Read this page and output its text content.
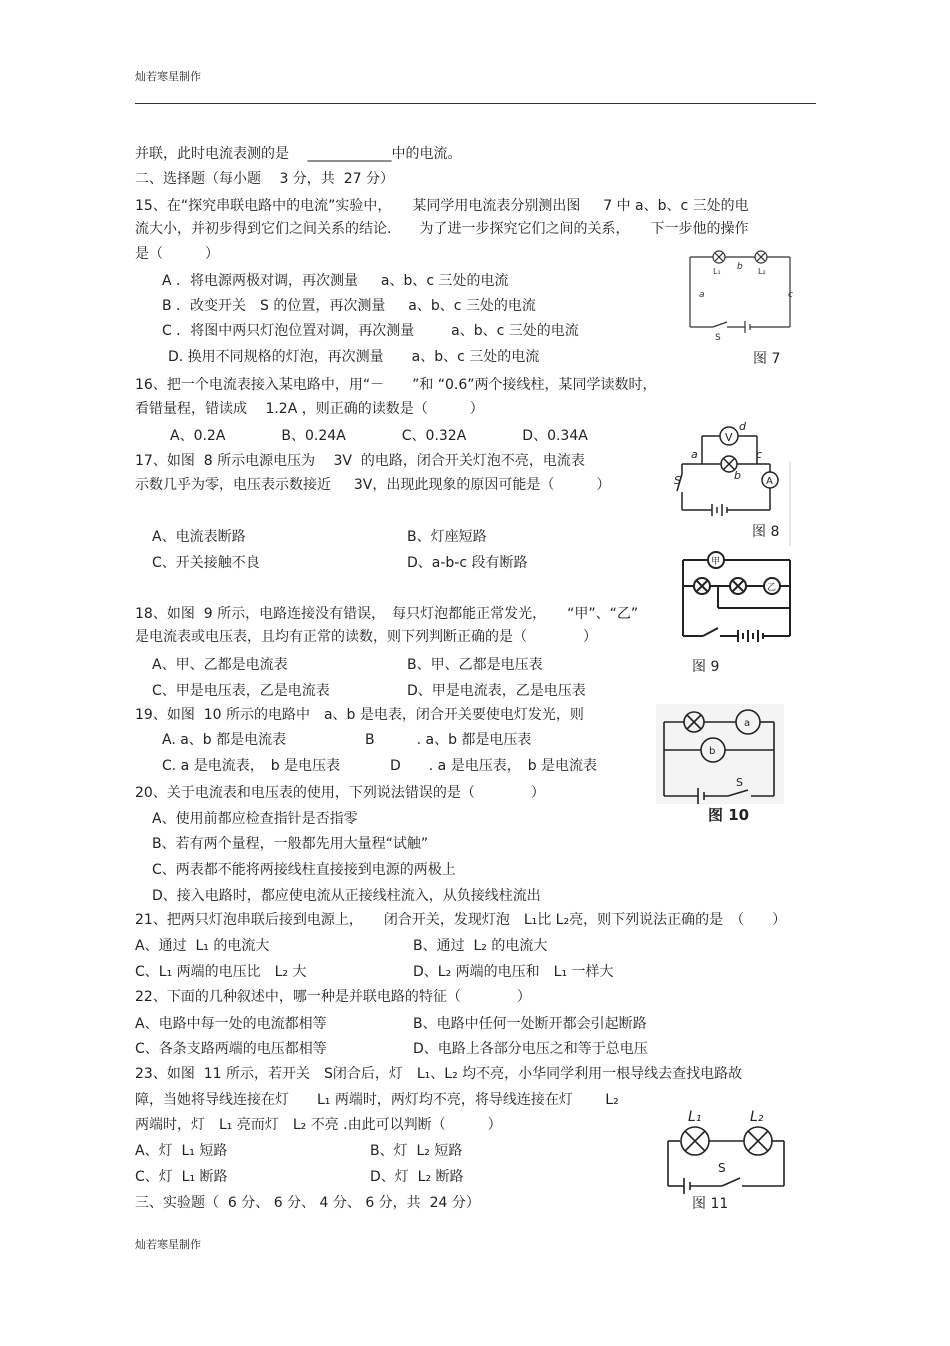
灿若寒星制作
并联，此时电流表测的是　 ____________中的电流。
二、选择题（每小题　 3 分，共  27 分）
15、在“探究串联电路中的电流”实验中，　　某同学用电流表分别测出图　  7 中 a、b、c 三处的电
流大小，并初步得到它们之间关系的结论.　　为了进一步探究它们之间的关系，　　下一步他的操作
是（　　　）
A ．将电源两极对调，再次测量　  a、b、c 三处的电流
B ．改变开关　S 的位置，再次测量　  a、b、c 三处的电流
C ．将图中两只灯泡位置对调，再次测量　　  a、b、c 三处的电流
D. 换用不同规格的灯泡，再次测量　　a、b、c 三处的电流
16、把一个电流表接入某电路中，用“－　　”和 “0.6”两个接线柱，某同学读数时，
看错量程，错读成　 1.2A ，则正确的读数是（　　　）
A、0.2A　　　　B、0.24A　　　　C、0.32A　　　　D、0.34A
17、如图  8 所示电源电压为　 3V  的电路，闭合开关灯泡不亮，电流表
示数几乎为零，电压表示数接近　  3V，出现此现象的原因可能是（　　　）
A、电流表断路	B、灯座短路
C、开关接触不良	D、a-b-c 段有断路
18、如图  9 所示，电路连接没有错误，　每只灯泡都能正常发光，　　“甲”、“乙”
是电流表或电压表，且均有正常的读数，则下列判断正确的是（　　　　）
A、甲、乙都是电流表	B、甲、乙都是电压表
C、甲是电压表，乙是电流表	D、甲是电流表，乙是电压表
19、如图  10 所示的电路中　a、b 是电表，闭合开关要使电灯发光，则
A. a、b 都是电流表	B　　　. a、b 都是电压表
C. a 是电流表，　b 是电压表	D　　. a 是电压表，　b 是电流表
20、关于电流表和电压表的使用，下列说法错误的是（　　　　）
A、使用前都应检查指针是否指零
B、若有两个量程，一般都先用大量程“试触”
C、两表都不能将两接线柱直接接到电源的两极上
D、接入电路时，都应使电流从正接线柱流入，从负接线柱流出
21、把两只灯泡串联后接到电源上，　　闭合开关，发现灯泡　L₁比 L₂亮，则下列说法正确的是　（　　）
A、通过  L₁ 的电流大	B、通过  L₂ 的电流大
C、L₁ 两端的电压比　L₂ 大	D、L₂ 两端的电压和　L₁ 一样大
22、下面的几种叙述中，哪一种是并联电路的特征（　　　　）
A、电路中每一处的电流都相等	B、电路中任何一处断开都会引起断路
C、各条支路两端的电压都相等	D、电路上各部分电压之和等于总电压
23、如图  11 所示，若开关　S闭合后，灯　L₁、L₂ 均不亮，小华同学利用一根导线去查找电路故
障，当她将导线连接在灯　　L₁ 两端时，两灯均不亮，将导线连接在灯　　 L₂
两端时，灯　L₁ 亮而灯　L₂ 不亮 .由此可以判断（　　　）
A、灯  L₁ 短路	B、灯  L₂ 短路
C、灯  L₁ 断路	D、灯  L₂ 断路
三、实验题（  6 分、 6 分、 4 分、 6 分，共  24 分）
灿若寒星制作
L₁	L₂
b
a	c
S
图 7
V
A
d
a
b
c
S
图 8
甲
乙
图 9
a
b
S
图 10
L₁	L₂
S
图 11
